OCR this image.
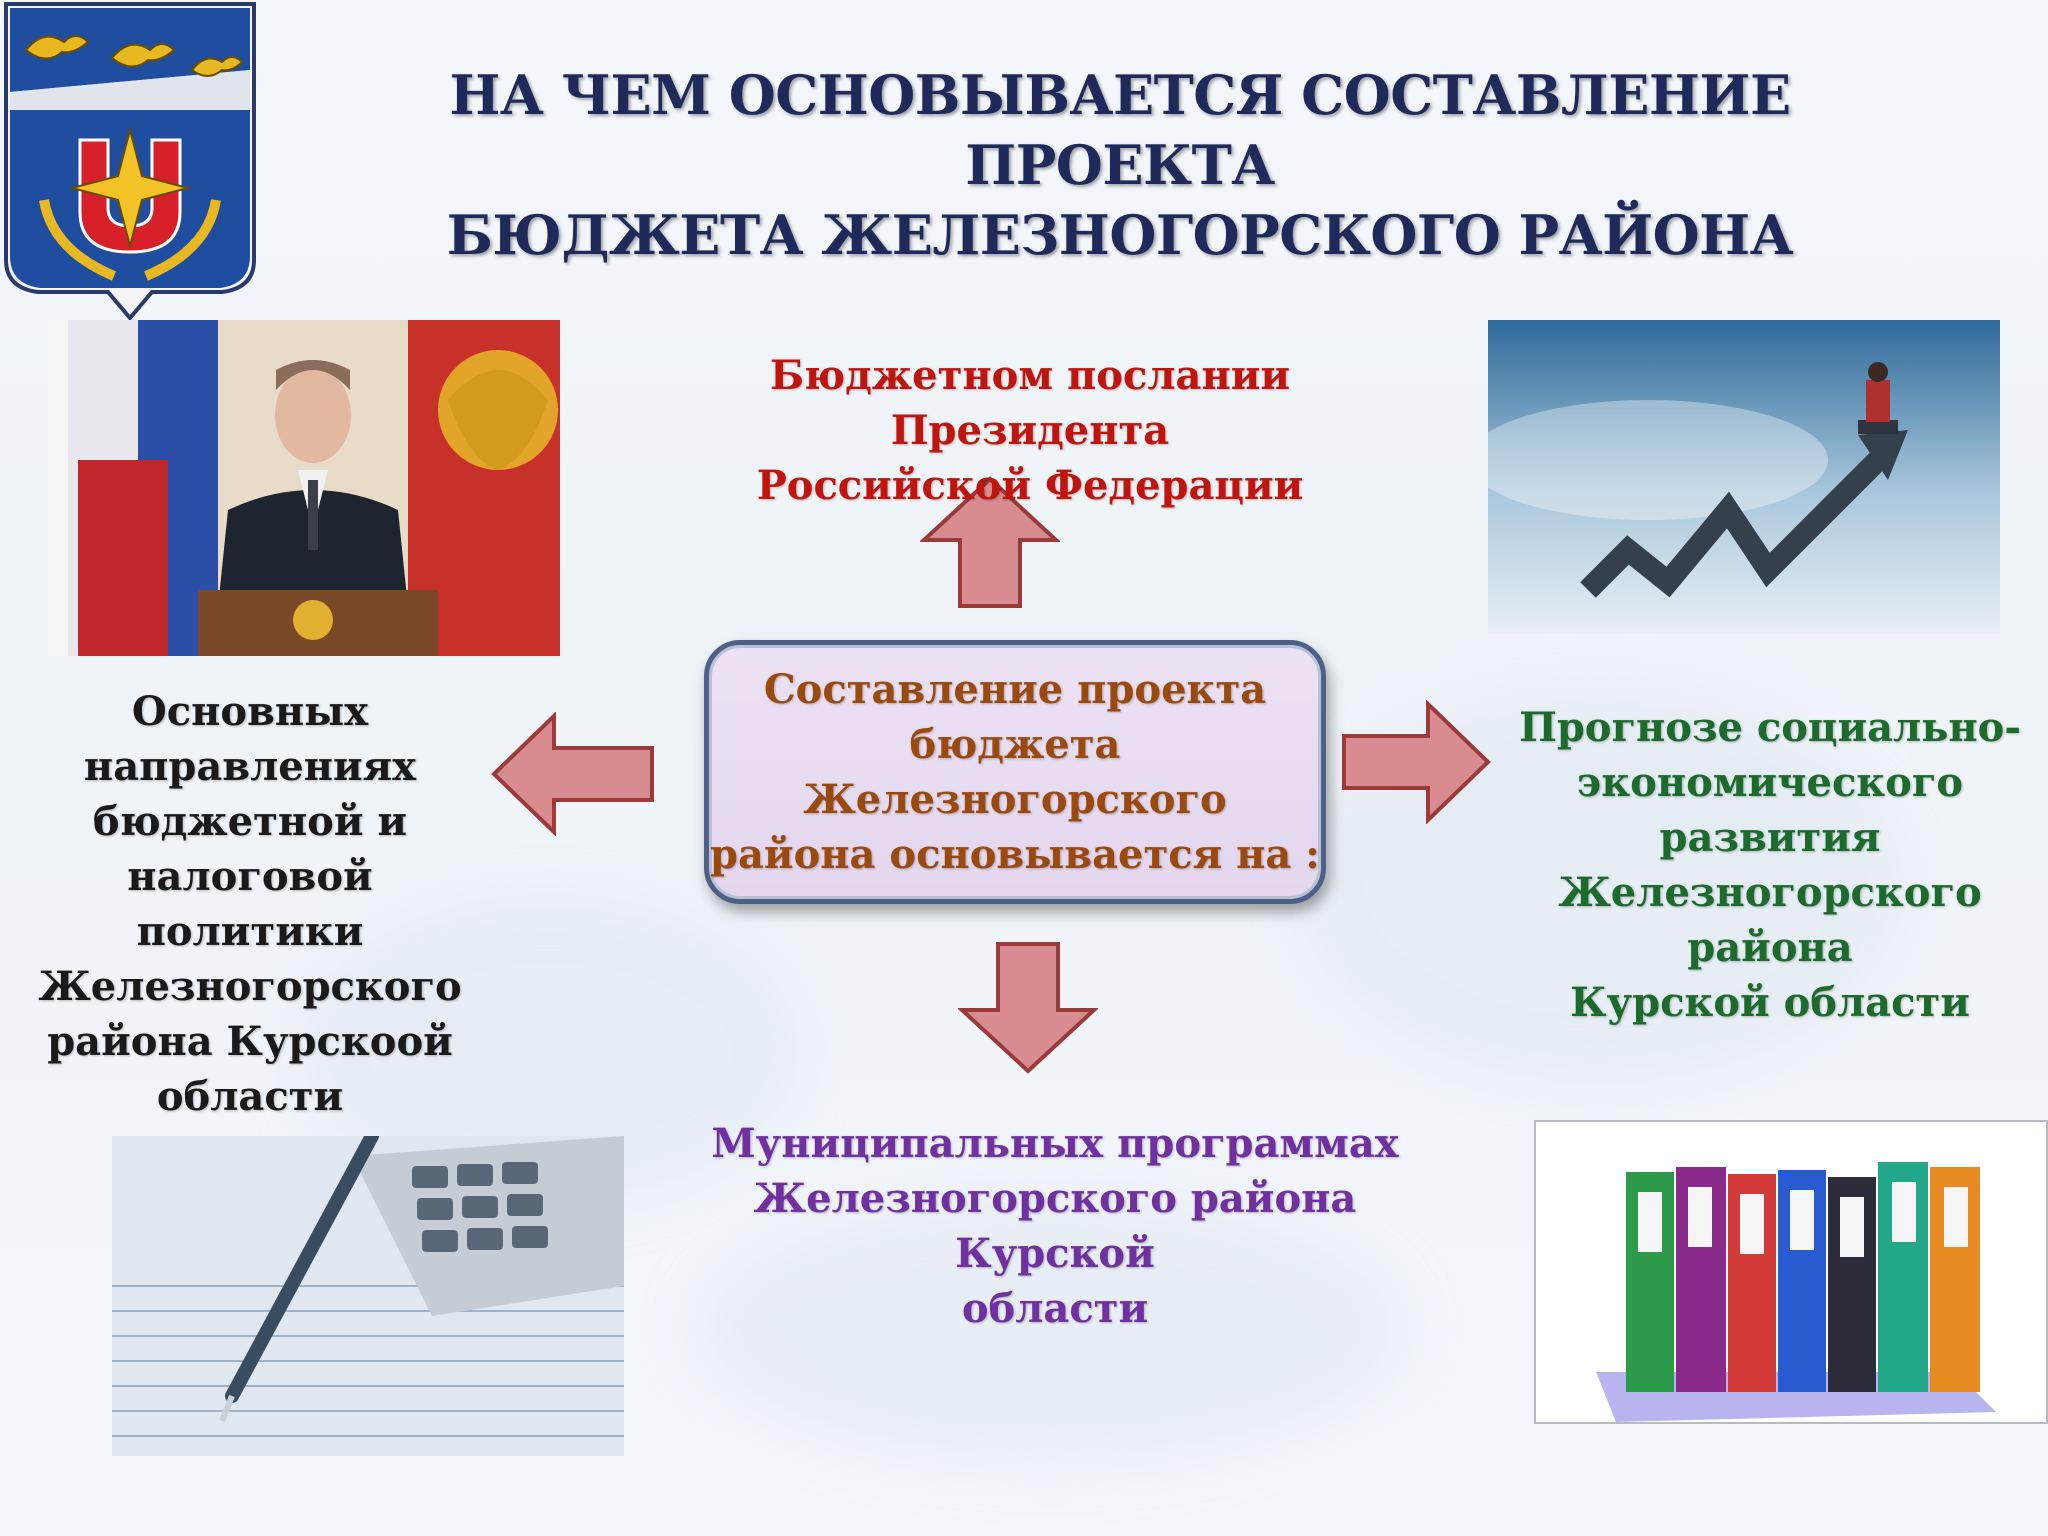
НА ЧЕМ ОСНОВЫВАЕТСЯ СОСТАВЛЕНИЕ ПРОЕКТА
БЮДЖЕТА ЖЕЛЕЗНОГОРСКОГО РАЙОНА
Составление проекта
бюджета Железногорского
района основывается на :
Бюджетном послании Президента
Российской Федерации
Основных
направлениях
бюджетной и
налоговой политики
Железногорского
района Курскоой
области
Прогнозе социально-
экономического развития
Железногорского района
Курской области
Муниципальных программах
Железногорского района Курской
области
